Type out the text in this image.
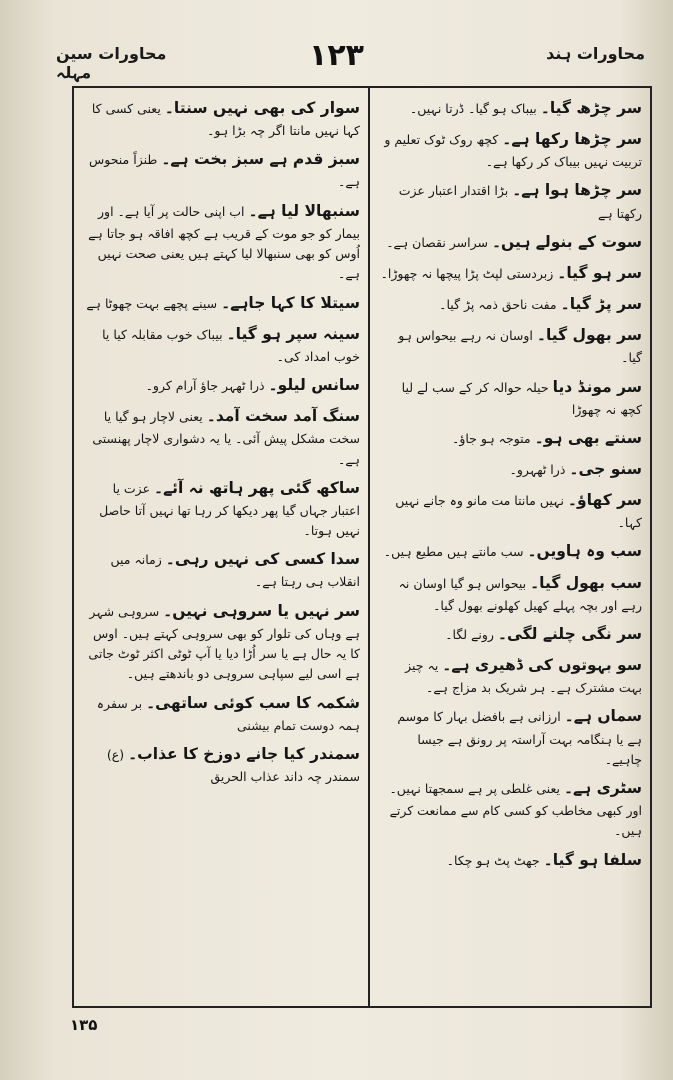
محاورات ہند
۱۲۳
محاورات سین مہلہ
سر چڑھ گیا۔ بیباک ہو گیا۔ ڈرتا نہیں۔
سر چڑھا رکھا ہے۔ کچھ روک ٹوک تعلیم و تربیت نہیں بیباک کر رکھا ہے۔
سر چڑھا ہوا ہے۔ بڑا اقتدار اعتبار عزت رکھتا ہے
سوت کے بنولے ہیں۔ سراسر نقصان ہے۔
سر ہو گیا۔ زبردستی لپٹ پڑا پیچھا نہ چھوڑا۔
سر پڑ گیا۔ مفت ناحق ذمہ پڑ گیا۔
سر بھول گیا۔ اوسان نہ رہے بیحواس ہو گیا۔
سر مونڈ دیا حیلہ حوالہ کر کے سب لے لیا کچھ نہ چھوڑا
سنتے بھی ہو۔ متوجہ ہو جاؤ۔
سنو جی۔ ذرا ٹھہرو۔
سر کھاؤ۔ نہیں مانتا مت مانو وہ جانے نہیں کہا۔
سب وہ ہاویں۔ سب مانتے ہیں مطیع ہیں۔
سب بھول گیا۔ بیحواس ہو گیا اوسان نہ رہے اور بچہ پہلے کھیل کھلونے بھول گیا۔
سر نگی چلنے لگی۔ رونے لگا۔
سو بہوتوں کی ڈھیری ہے۔ یہ چیز بہت مشترک ہے۔ ہر شریک بد مزاج ہے۔
سماں ہے۔ ارزانی ہے بافضل بہار کا موسم ہے یا ہنگامہ بہت آراستہ پر رونق ہے جیسا چاہیے۔
سٹری ہے۔ یعنی غلطی پر ہے سمجھتا نہیں۔ اور کبھی مخاطب کو کسی کام سے ممانعت کرتے ہیں۔
سلفا ہو گیا۔ جھٹ پٹ ہو چکا۔
سوار کی بھی نہیں سنتا۔ یعنی کسی کا کہا نہیں مانتا اگر چہ بڑا ہو۔
سبز قدم ہے سبز بخت ہے۔ طنزاً منحوس ہے۔
سنبھالا لیا ہے۔ اب اپنی حالت پر آیا ہے۔ اور بیمار کو جو موت کے قریب ہے کچھ افاقہ ہو جاتا ہے اُوس کو بھی سنبھالا لیا کہتے ہیں یعنی صحت نہیں ہے۔
سیتلا کا کہا جاہے۔ سینے پچھے بہت چھوٹا ہے
سینہ سپر ہو گیا۔ بیباک خوب مقابلہ کیا یا خوب امداد کی۔
سانس لیلو۔ ذرا ٹھہر جاؤ آرام کرو۔
سنگ آمد سخت آمد۔ یعنی لاچار ہو گیا یا سخت مشکل پیش آئی۔ یا یہ دشواری لاچار پھنستی ہے۔
ساکھ گئی پھر ہاتھ نہ آئے۔ عزت یا اعتبار جہاں گیا پھر دیکھا کر رہا تھا نہیں آتا حاصل نہیں ہوتا۔
سدا کسی کی نہیں رہی۔ زمانہ میں انقلاب ہی رہتا ہے۔
سر نہیں یا سروہی نہیں۔ سروہی شہر ہے وہاں کی تلوار کو بھی سروہی کہتے ہیں۔ اوس کا یہ حال ہے یا سر اُڑا دیا یا آپ ٹوٹی اکثر ٹوٹ جاتی ہے اسی لیے سپاہی سروہی دو باندھتے ہیں۔
شکمہ کا سب کوئی ساتھی۔ بر سفرہ ہمہ دوست تمام بیشنی
سمندر کیا جانے دوزخ کا عذاب۔ (ع) سمندر چہ داند عذاب الحریق
۱۳۵
